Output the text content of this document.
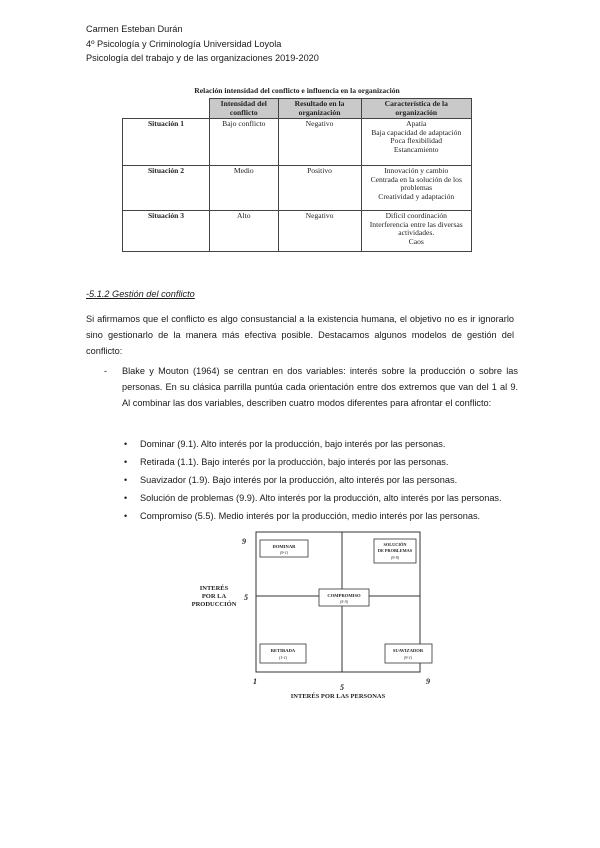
Carmen Esteban Durán
4º Psicología y Criminología Universidad Loyola
Psicología del trabajo y de las organizaciones 2019-2020
Relación intensidad del conflicto e influencia en la organización
	Intensidad del conflicto	Resultado en la organización	Característica de la organización
Situación 1	Bajo conflicto	Negativo	Apatía
Baja capacidad de adaptación
Poca flexibilidad
Estancamiento

Situación 2	Medio	Positivo	Innovación y cambio
Centrada en la solución de los problemas
Creatividad y adaptación

Situación 3	Alto	Negativo	Difícil coordinación
Interferencia entre las diversas actividades.
Caos
-5.1.2 Gestión del conflicto
Si afirmamos que el conflicto es algo consustancial a la existencia humana, el objetivo no es ir ignorarlo sino gestionarlo de la manera más efectiva posible. Destacamos algunos modelos de gestión del conflicto:
- Blake y Mouton (1964) se centran en dos variables: interés sobre la producción o sobre las personas. En su clásica parrilla puntúa cada orientación entre dos extremos que van del 1 al 9. Al combinar las dos variables, describen cuatro modos diferentes para afrontar el conflicto:
• Dominar (9.1). Alto interés por la producción, bajo interés por las personas.
• Retirada (1.1). Bajo interés por la producción, bajo interés por las personas.
• Suavizador (1.9). Bajo interés por la producción, alto interés por las personas.
• Solución de problemas (9.9). Alto interés por la producción, alto interés por las personas.
• Compromiso (5.5). Medio interés por la producción, medio interés por las personas.
9
5
1
5
9
INTERÉS
POR LA
PRODUCCIÓN
INTERÉS POR LAS PERSONAS
DOMINAR
(9-1)
SOLUCIÓN
DE PROBLEMAS
(9-9)
COMPROMISO
(5-5)
RETIRADA
(1-1)
SUAVIZADOR
(9-1)
